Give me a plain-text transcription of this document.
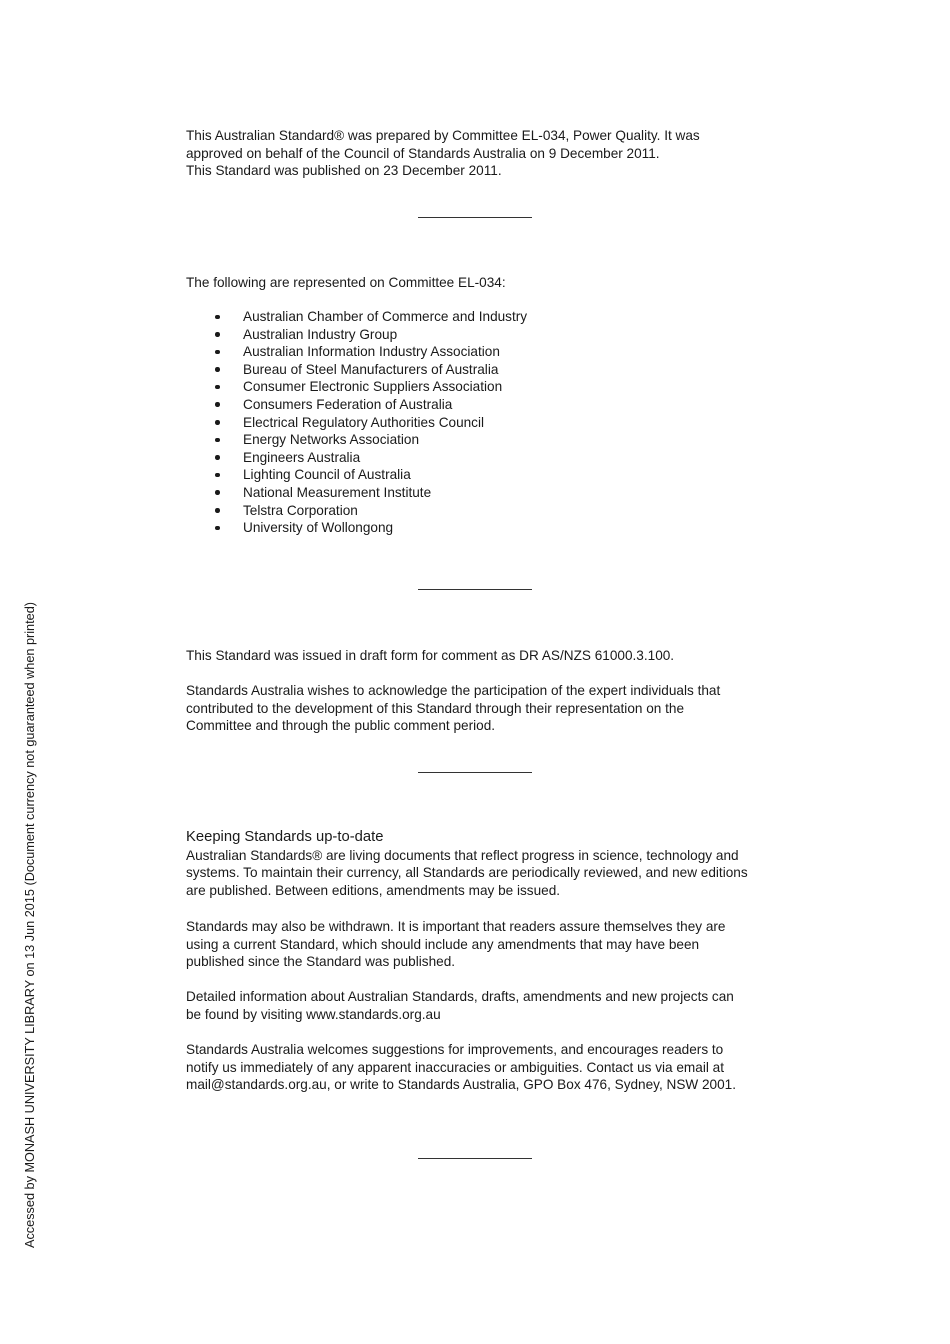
This Australian Standard® was prepared by Committee EL-034, Power Quality. It was

approved on behalf of the Council of Standards Australia on 9 December 2011.

This Standard was published on 23 December 2011.

The following are represented on Committee EL-034:

Australian Chamber of Commerce and Industry
Australian Industry Group
Australian Information Industry Association
Bureau of Steel Manufacturers of Australia
Consumer Electronic Suppliers Association
Consumers Federation of Australia
Electrical Regulatory Authorities Council
Energy Networks Association
Engineers Australia
Lighting Council of Australia
National Measurement Institute
Telstra Corporation
University of Wollongong

This Standard was issued in draft form for comment as DR AS/NZS 61000.3.100.

Standards Australia wishes to acknowledge the participation of the expert individuals that

contributed to the development of this Standard through their representation on the

Committee and through the public comment period.

Keeping Standards up-to-date

Australian Standards® are living documents that reflect progress in science, technology and

systems. To maintain their currency, all Standards are periodically reviewed, and new editions

are published. Between editions, amendments may be issued.

Standards may also be withdrawn. It is important that readers assure themselves they are

using a current Standard, which should include any amendments that may have been

published since the Standard was published.

Detailed information about Australian Standards, drafts, amendments and new projects can

be found by visiting www.standards.org.au

Standards Australia welcomes suggestions for improvements, and encourages readers to

notify us immediately of any apparent inaccuracies or ambiguities. Contact us via email at

mail@standards.org.au, or write to Standards Australia, GPO Box 476, Sydney, NSW 2001.

Accessed by MONASH UNIVERSITY LIBRARY on 13 Jun 2015 (Document currency not guaranteed when printed)
